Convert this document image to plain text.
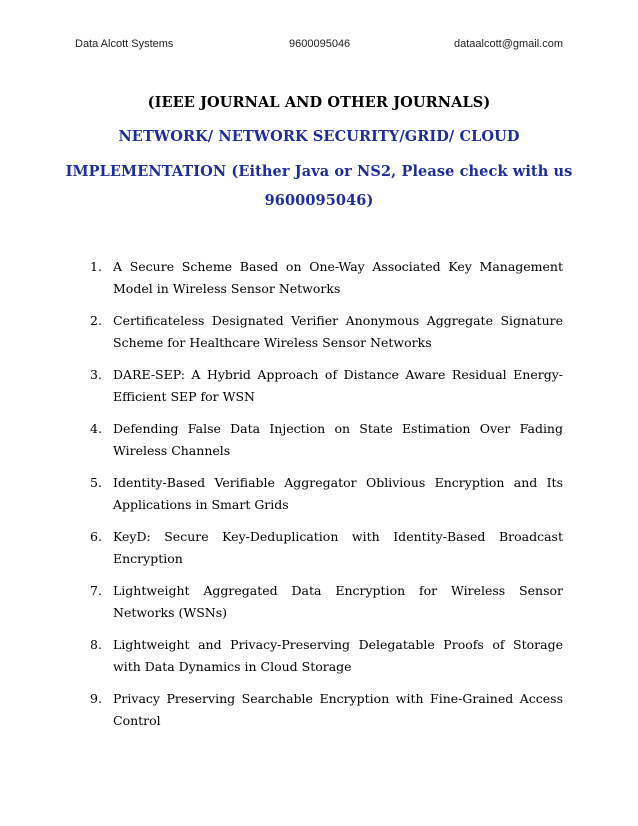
Data Alcott Systems	9600095046	dataalcott@gmail.com
(IEEE JOURNAL AND OTHER JOURNALS)
NETWORK/ NETWORK SECURITY/GRID/ CLOUD
IMPLEMENTATION (Either Java or NS2, Please check with us
9600095046)
1. A Secure Scheme Based on One-Way Associated Key Management Model in Wireless Sensor Networks
2. Certificateless Designated Verifier Anonymous Aggregate Signature Scheme for Healthcare Wireless Sensor Networks
3. DARE-SEP: A Hybrid Approach of Distance Aware Residual Energy-Efficient SEP for WSN
4. Defending False Data Injection on State Estimation Over Fading Wireless Channels
5. Identity-Based Verifiable Aggregator Oblivious Encryption and Its Applications in Smart Grids
6. KeyD: Secure Key-Deduplication with Identity-Based Broadcast Encryption
7. Lightweight Aggregated Data Encryption for Wireless Sensor Networks (WSNs)
8. Lightweight and Privacy-Preserving Delegatable Proofs of Storage with Data Dynamics in Cloud Storage
9. Privacy Preserving Searchable Encryption with Fine-Grained Access Control
